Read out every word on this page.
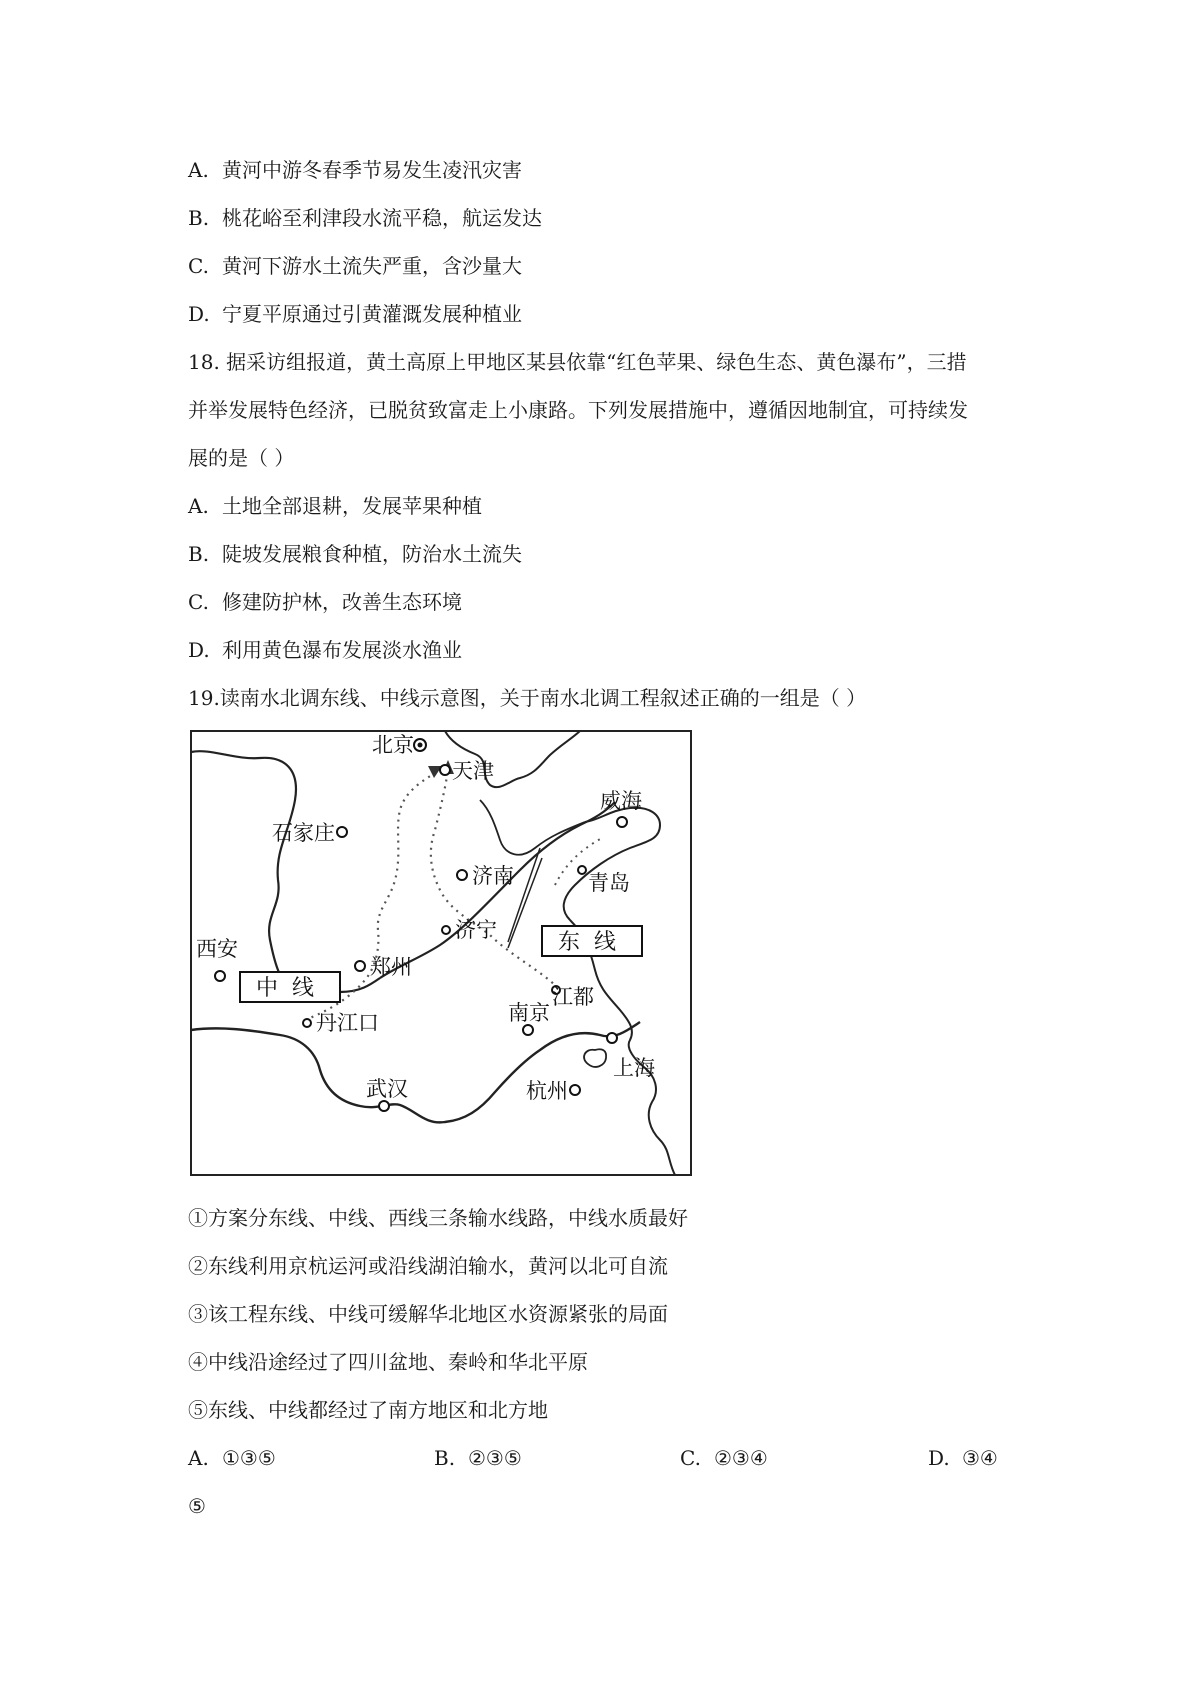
A. 黄河中游冬春季节易发生凌汛灾害
B. 桃花峪至利津段水流平稳，航运发达
C. 黄河下游水土流失严重，含沙量大
D. 宁夏平原通过引黄灌溉发展种植业
18. 据采访组报道，黄土高原上甲地区某县依靠“红色苹果、绿色生态、黄色瀑布”，三措
并举发展特色经济，已脱贫致富走上小康路。下列发展措施中，遵循因地制宜，可持续发
展的是（ ）
A. 土地全部退耕，发展苹果种植
B. 陡坡发展粮食种植，防治水土流失
C. 修建防护林，改善生态环境
D. 利用黄色瀑布发展淡水渔业
19.读南水北调东线、中线示意图，关于南水北调工程叙述正确的一组是（ ）
北京
天津
石家庄
威海
济南	青岛
济宁
西安
郑州
丹江口	南京
江都
上海
武汉	杭州
东线
中线
①方案分东线、中线、西线三条输水线路，中线水质最好
②东线利用京杭运河或沿线湖泊输水，黄河以北可自流
③该工程东线、中线可缓解华北地区水资源紧张的局面
④中线沿途经过了四川盆地、秦岭和华北平原
⑤东线、中线都经过了南方地区和北方地
A. ①③⑤	B. ②③⑤	C. ②③④	D. ③④
⑤
